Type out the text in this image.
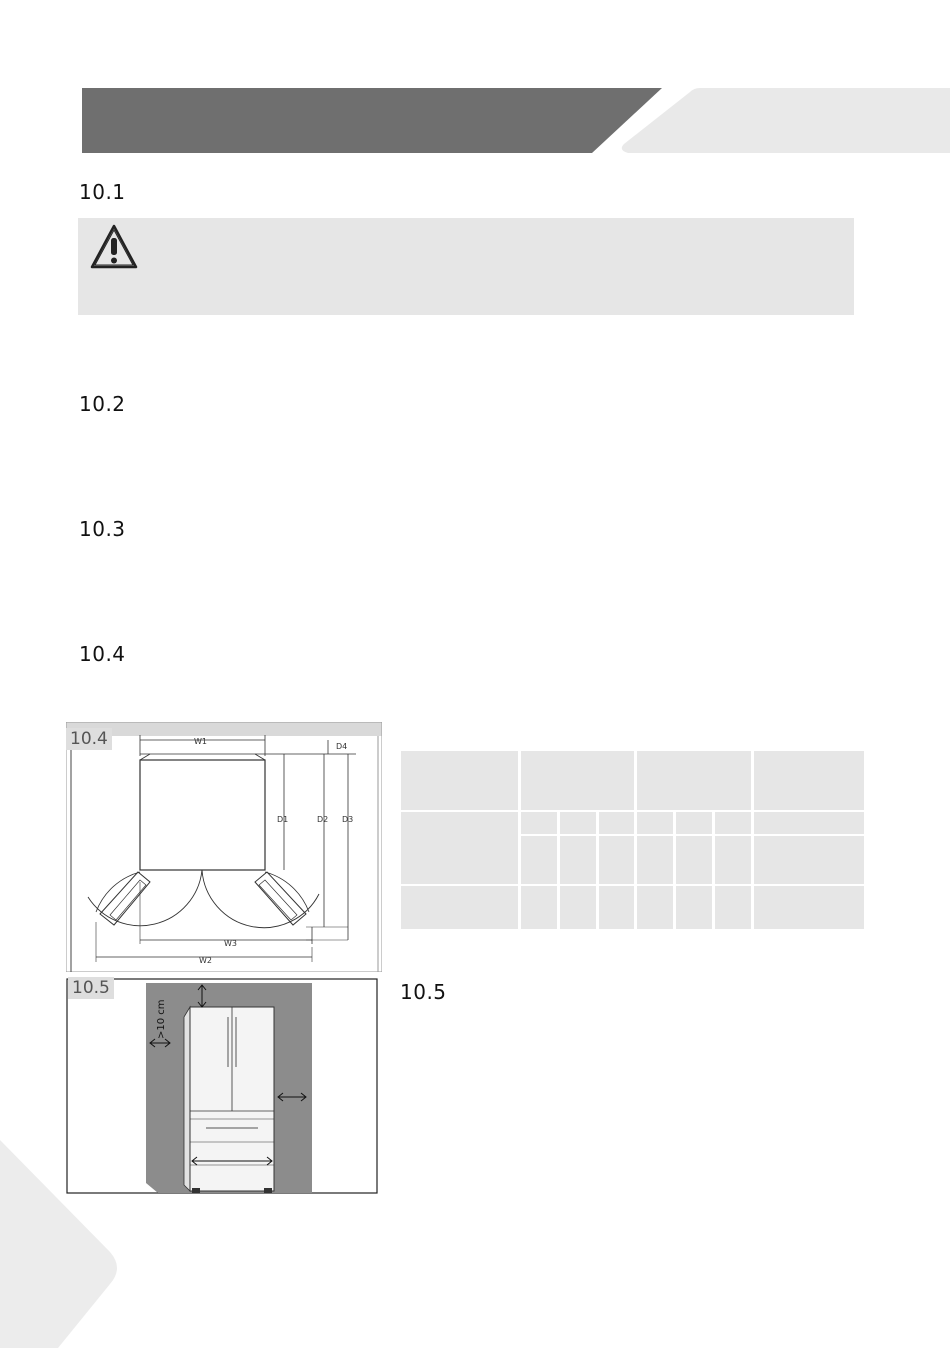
10.1
10.2
10.3
10.4
W1
D4
D1	D2 D3
W3
W2
10.4

>10 cm
10.5	10.5
